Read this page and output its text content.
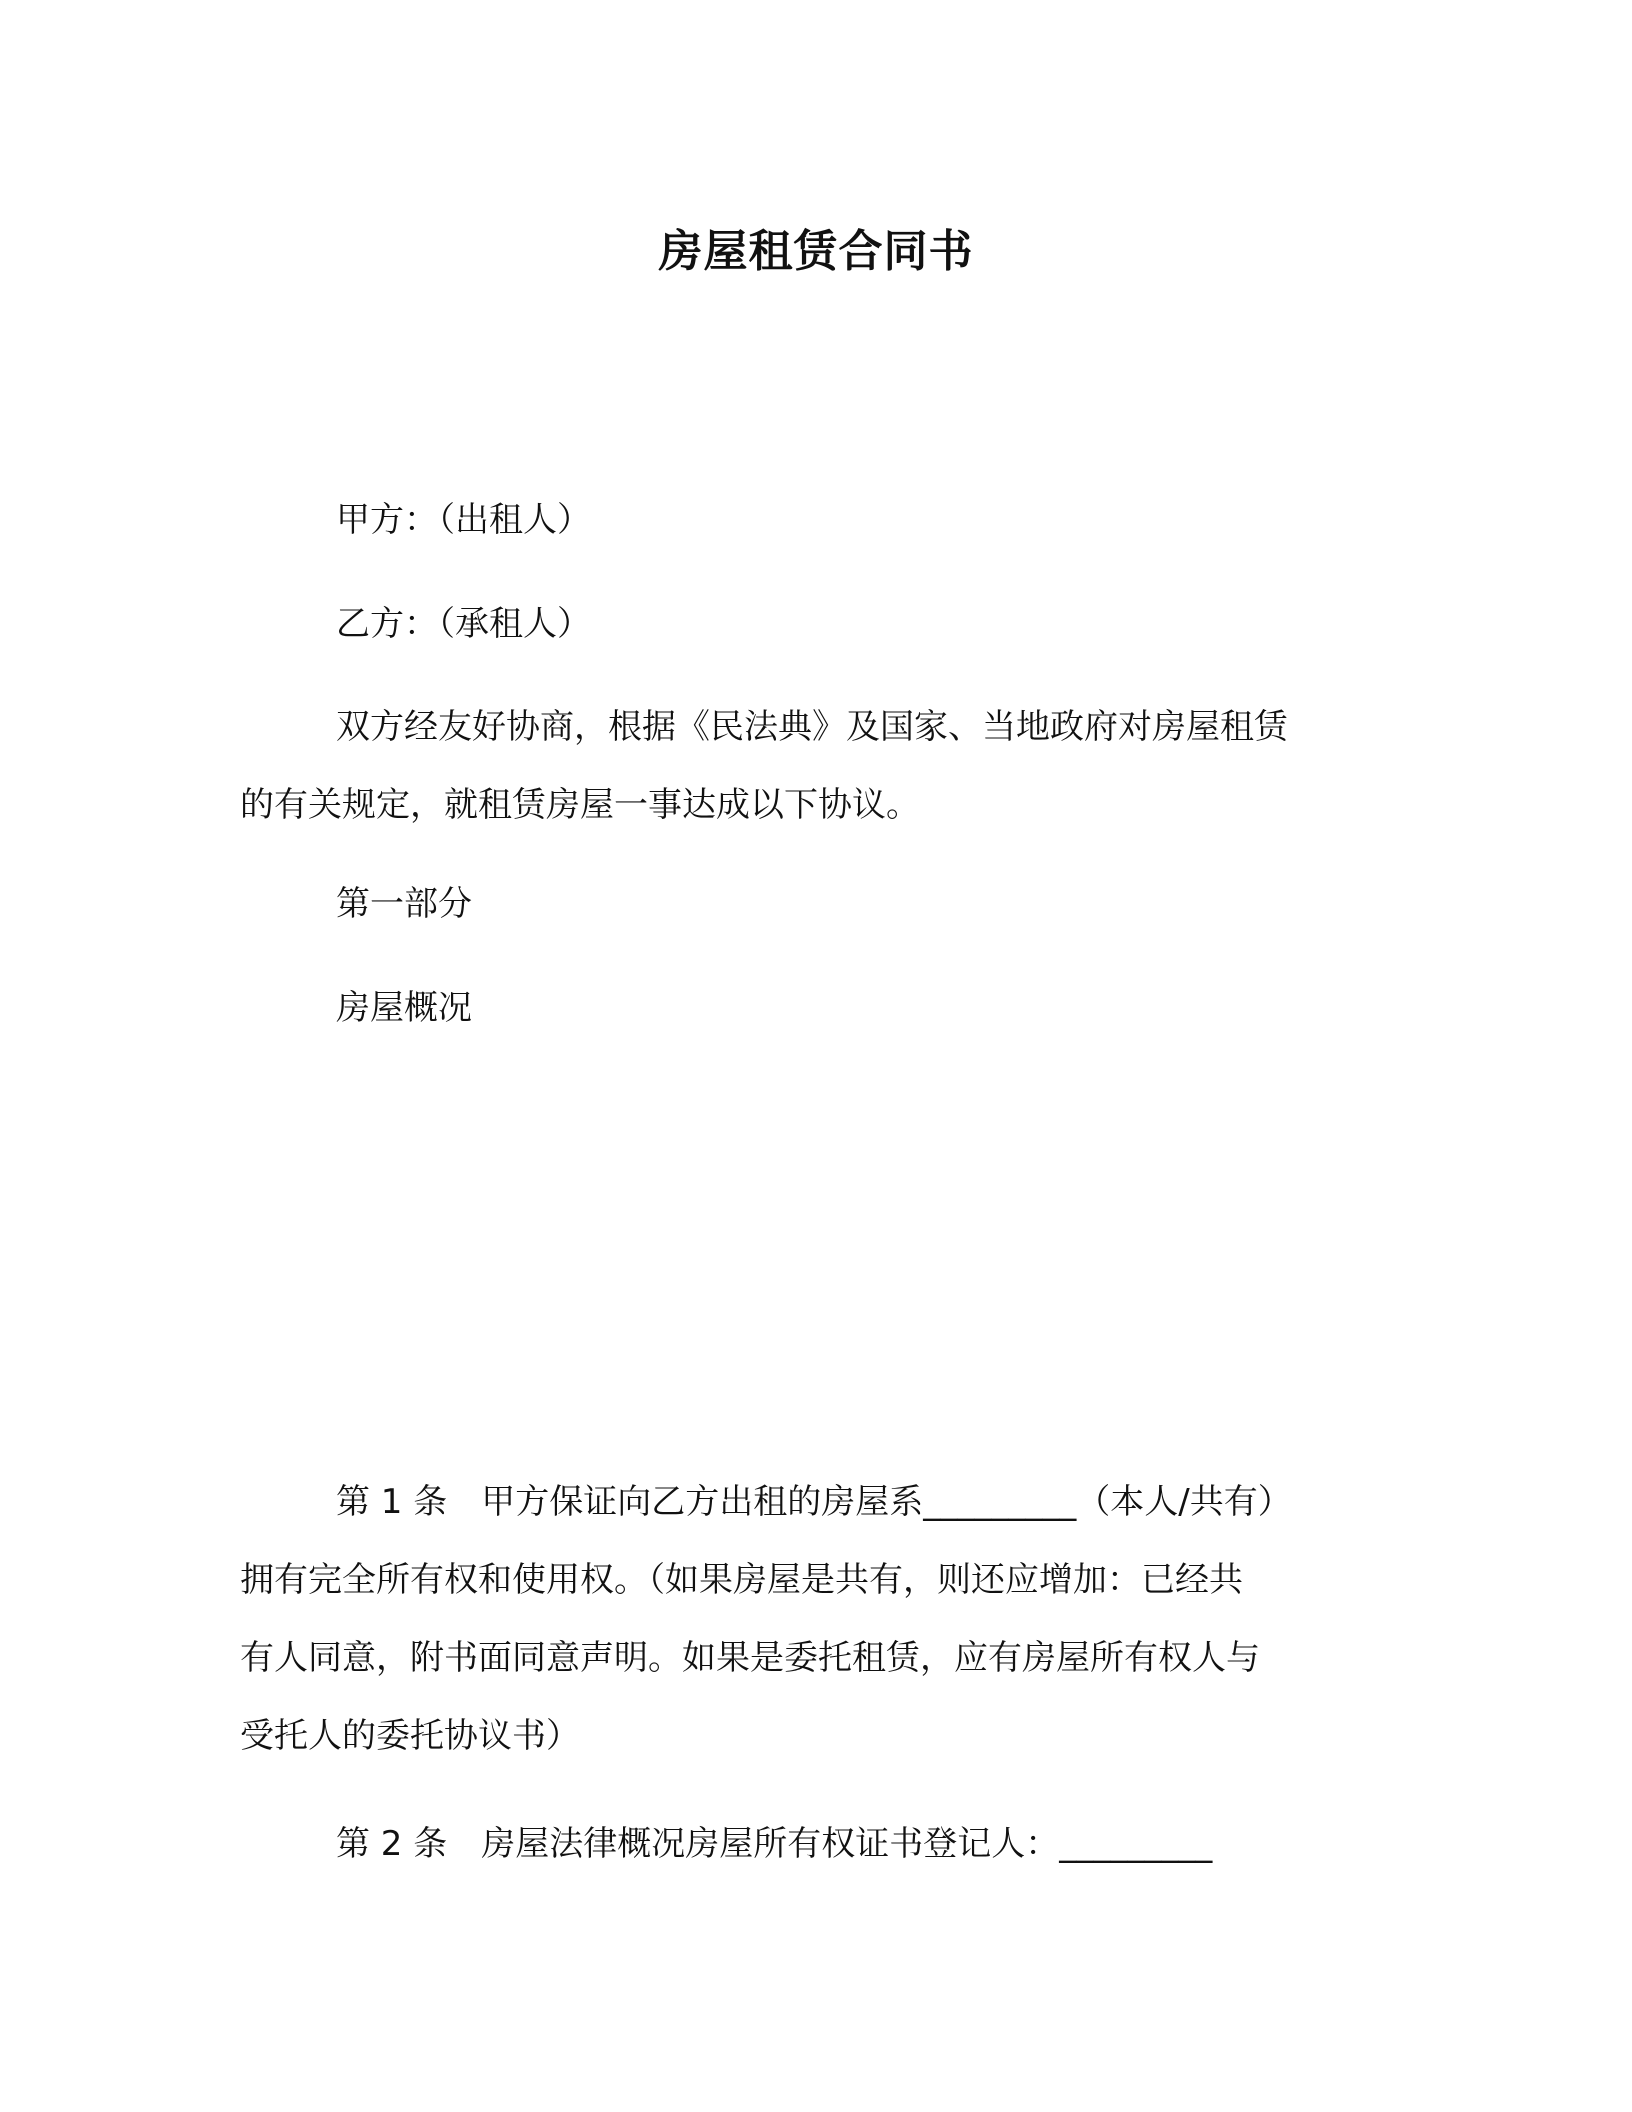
房屋租赁合同书
甲方：（出租人）
乙方：（承租人）
双方经友好协商，根据《民法典》及国家、当地政府对房屋租赁
的有关规定，就租赁房屋一事达成以下协议。
第一部分
房屋概况
第 1 条　甲方保证向乙方出租的房屋系_________（本人/共有）
拥有完全所有权和使用权。（如果房屋是共有，则还应增加：已经共
有人同意，附书面同意声明。如果是委托租赁，应有房屋所有权人与
受托人的委托协议书）
第 2 条　房屋法律概况房屋所有权证书登记人：_________
